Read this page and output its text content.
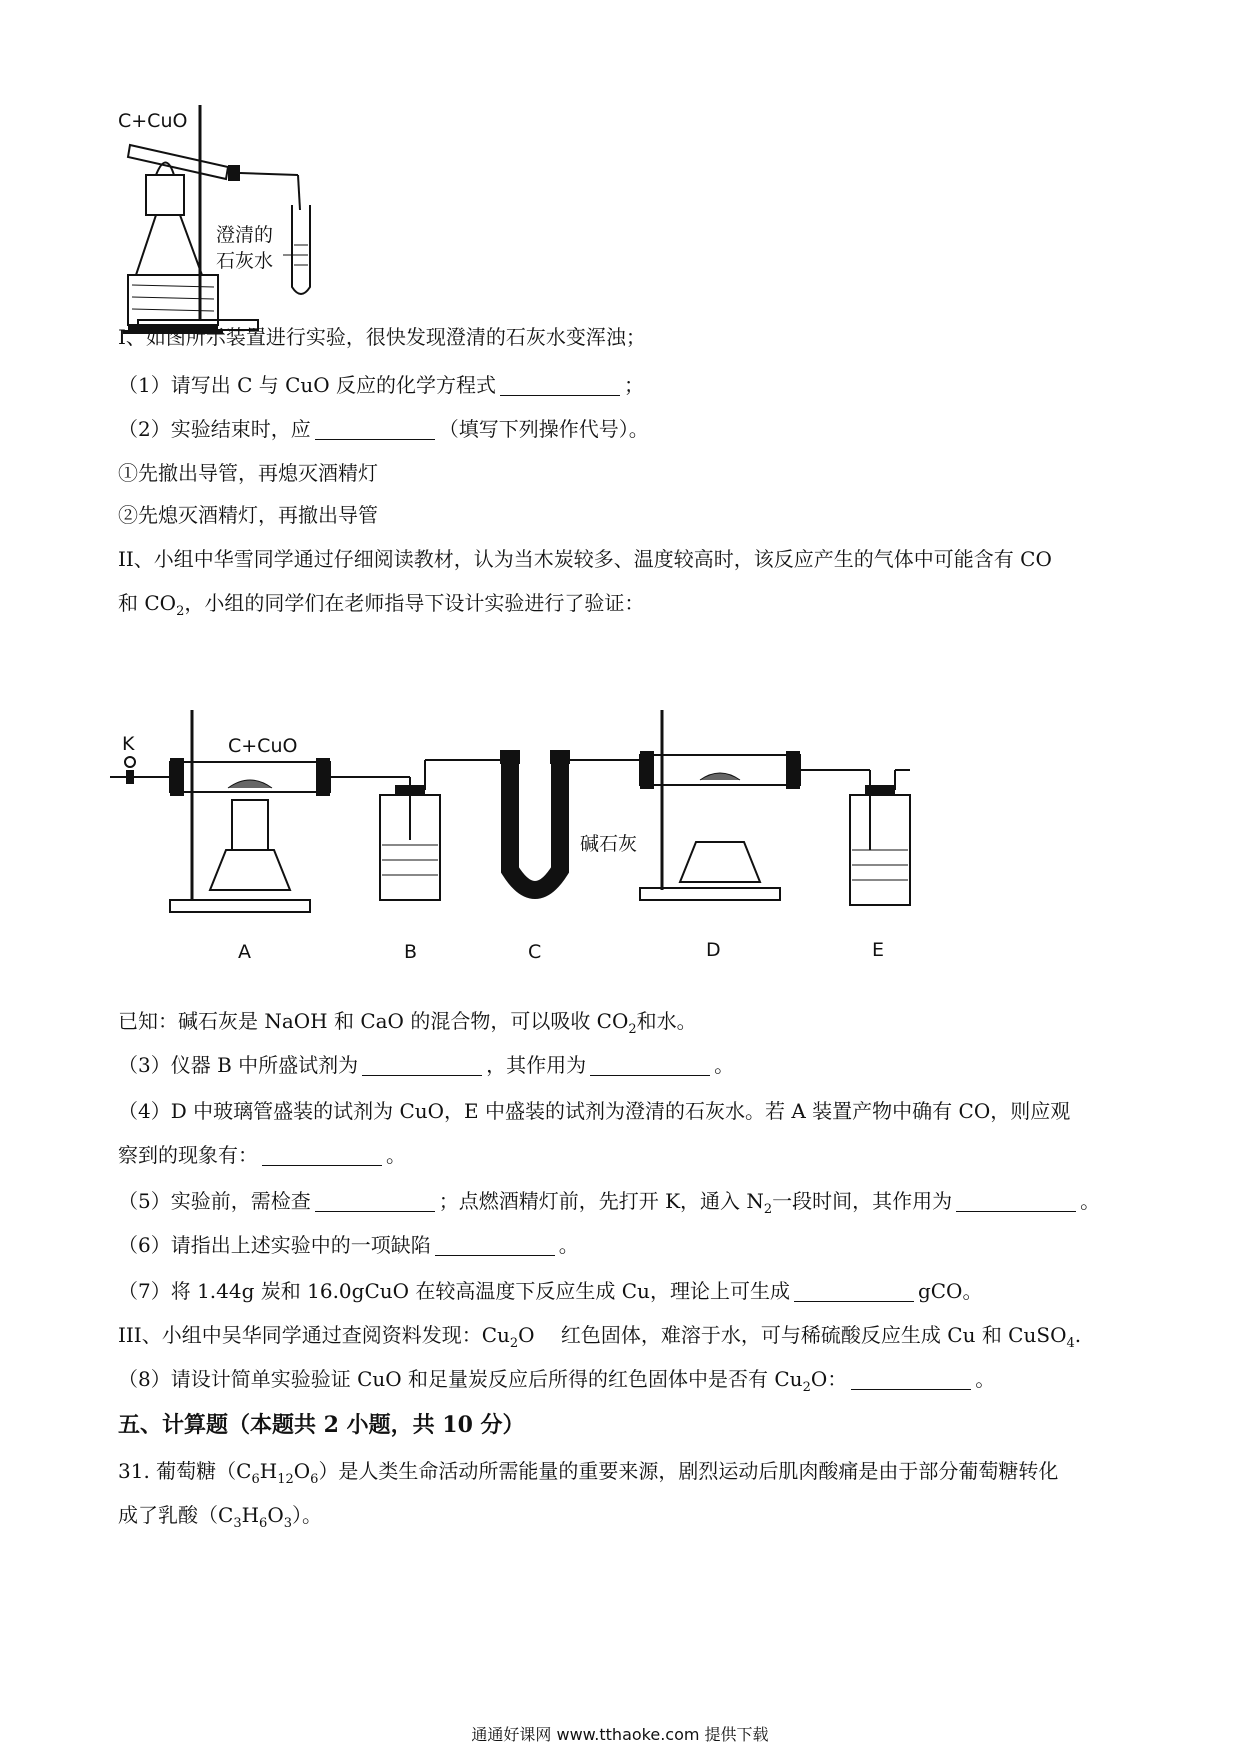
C+CuO
澄清的
石灰水
I、如图所示装置进行实验，很快发现澄清的石灰水变浑浊；
（1）请写出 C 与 CuO 反应的化学方程式	；
（2）实验结束时，应	（填写下列操作代号）。
①先撤出导管，再熄灭酒精灯
②先熄灭酒精灯，再撤出导管
II、小组中华雪同学通过仔细阅读教材，认为当木炭较多、温度较高时，该反应产生的气体中可能含有 CO
和 $CO_2$，小组的同学们在老师指导下设计实验进行了验证：
K	C+CuO
碱石灰
A	B	C	D	E
已知：碱石灰是 NaOH 和 CaO 的混合物，可以吸收 $CO_2$和水。
（3）仪器 B 中所盛试剂为	，其作用为	。
（4）D 中玻璃管盛装的试剂为 CuO，E 中盛装的试剂为澄清的石灰水。若 A 装置产物中确有 CO，则应观
察到的现象有：	。
（5）实验前，需检查	；点燃酒精灯前，先打开 K，通入 $N_2$一段时间，其作用为	。
（6）请指出上述实验中的一项缺陷	。
（7）将 1.44g 炭和 16.0gCuO 在较高温度下反应生成 Cu，理论上可生成	gCO。
III、小组中吴华同学通过查阅资料发现：$Cu_2O$　 红色固体，难溶于水，可与稀硫酸反应生成 Cu 和 CuSO$_4$.
（8）请设计简单实验验证 CuO 和足量炭反应后所得的红色固体中是否有 $Cu_2O$：	。
五、计算题（本题共 2 小题，共 10 分）
31. 葡萄糖$(C_6H_{12}O_6)$是人类生命活动所需能量的重要来源，剧烈运动后肌肉酸痛是由于部分葡萄糖转化
成了乳酸$(C_3H_6O_3)$。
通通好课网 www.tthaoke.com 提供下载
